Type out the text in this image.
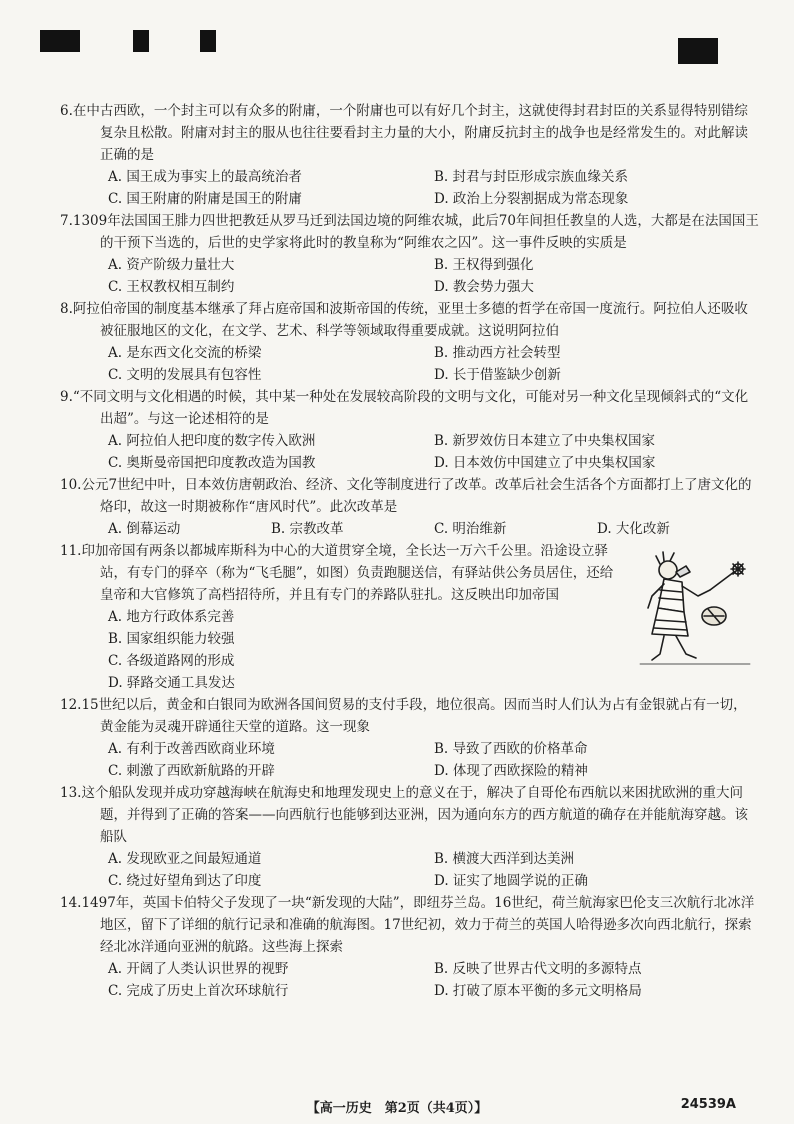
6.在中古西欧，一个封主可以有众多的附庸，一个附庸也可以有好几个封主，这就使得封君封臣的关系显得特别错综复杂且松散。附庸对封主的服从也往往要看封主力量的大小，附庸反抗封主的战争也是经常发生的。对此解读正确的是
A. 国王成为事实上的最高统治者	B. 封君与封臣形成宗族血缘关系
C. 国王附庸的附庸是国王的附庸	D. 政治上分裂割据成为常态现象
7.1309年法国国王腓力四世把教廷从罗马迁到法国边境的阿维农城，此后70年间担任教皇的人选，大都是在法国国王的干预下当选的，后世的史学家将此时的教皇称为“阿维农之囚”。这一事件反映的实质是
A. 资产阶级力量壮大	B. 王权得到强化
C. 王权教权相互制约	D. 教会势力强大
8.阿拉伯帝国的制度基本继承了拜占庭帝国和波斯帝国的传统，亚里士多德的哲学在帝国一度流行。阿拉伯人还吸收被征服地区的文化，在文学、艺术、科学等领域取得重要成就。这说明阿拉伯
A. 是东西文化交流的桥梁	B. 推动西方社会转型
C. 文明的发展具有包容性	D. 长于借鉴缺少创新
9.“不同文明与文化相遇的时候，其中某一种处在发展较高阶段的文明与文化，可能对另一种文化呈现倾斜式的“文化出超”。与这一论述相符的是
A. 阿拉伯人把印度的数字传入欧洲	B. 新罗效仿日本建立了中央集权国家
C. 奥斯曼帝国把印度教改造为国教	D. 日本效仿中国建立了中央集权国家
10.公元7世纪中叶，日本效仿唐朝政治、经济、文化等制度进行了改革。改革后社会生活各个方面都打上了唐文化的烙印，故这一时期被称作“唐风时代”。此次改革是
A. 倒幕运动	B. 宗教改革	C. 明治维新	D. 大化改新
11.印加帝国有两条以都城库斯科为中心的大道贯穿全境，全长达一万六千公里。沿途设立驿站，有专门的驿卒（称为“飞毛腿”，如图）负责跑腿送信，有驿站供公务员居住，还给皇帝和大官修筑了高档招待所，并且有专门的养路队驻扎。这反映出印加帝国
A. 地方行政体系完善
B. 国家组织能力较强
C. 各级道路网的形成
D. 驿路交通工具发达
12.15世纪以后，黄金和白银同为欧洲各国间贸易的支付手段，地位很高。因而当时人们认为占有金银就占有一切，黄金能为灵魂开辟通往天堂的道路。这一现象
A. 有利于改善西欧商业环境	B. 导致了西欧的价格革命
C. 刺激了西欧新航路的开辟	D. 体现了西欧探险的精神
13.这个船队发现并成功穿越海峡在航海史和地理发现史上的意义在于，解决了自哥伦布西航以来困扰欧洲的重大问题，并得到了正确的答案——向西航行也能够到达亚洲，因为通向东方的西方航道的确存在并能航海穿越。该船队
A. 发现欧亚之间最短通道	B. 横渡大西洋到达美洲
C. 绕过好望角到达了印度	D. 证实了地圆学说的正确
14.1497年，英国卡伯特父子发现了一块“新发现的大陆”，即纽芬兰岛。16世纪，荷兰航海家巴伦支三次航行北冰洋地区，留下了详细的航行记录和准确的航海图。17世纪初，效力于荷兰的英国人哈得逊多次向西北航行，探索经北冰洋通向亚洲的航路。这些海上探索
A. 开阔了人类认识世界的视野	B. 反映了世界古代文明的多源特点
C. 完成了历史上首次环球航行	D. 打破了原本平衡的多元文明格局
【高一历史　第2页（共4页）】	24539A
